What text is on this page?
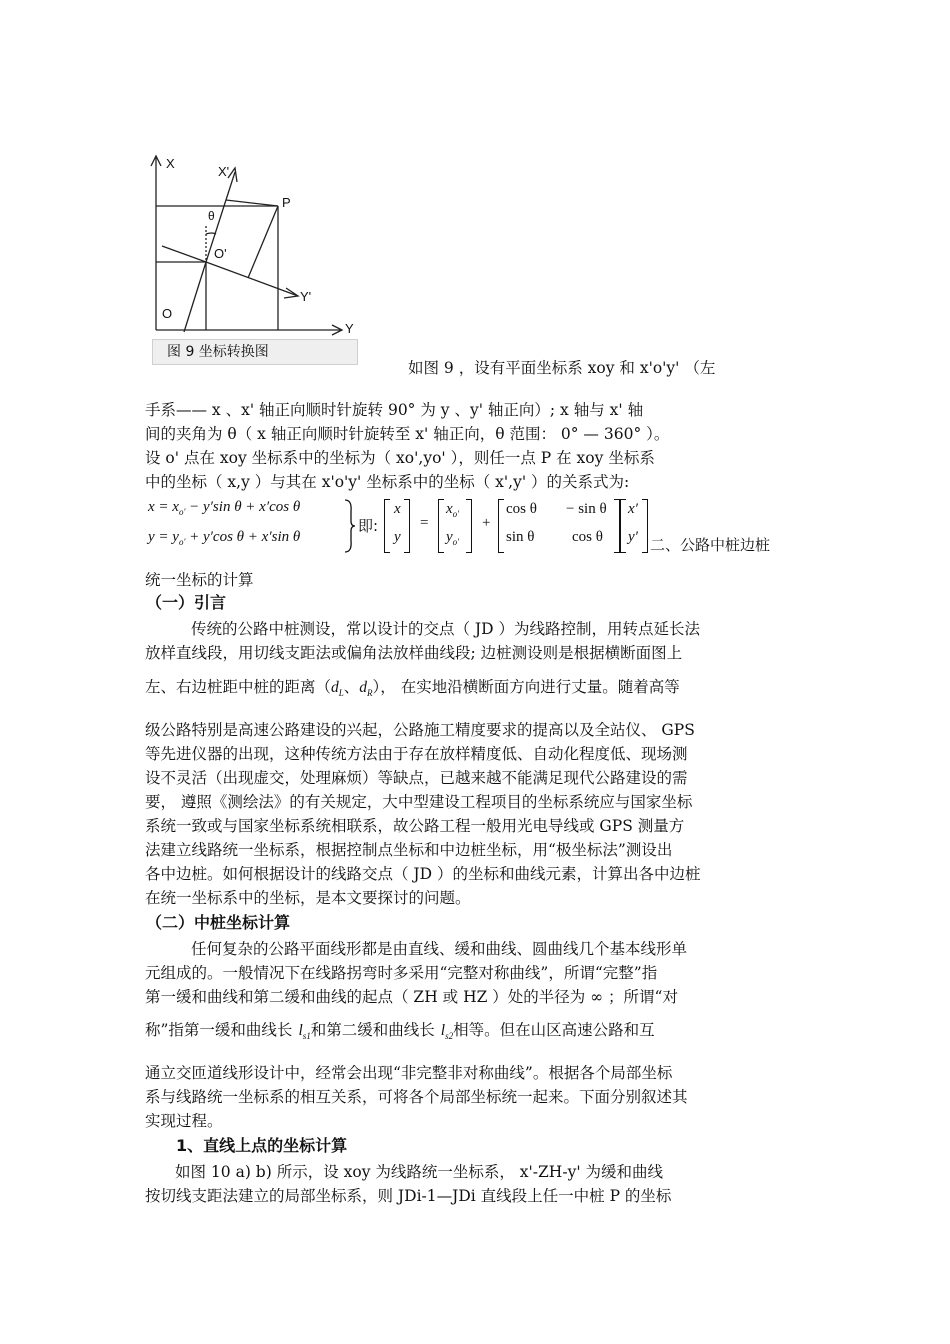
X
X'
P
θ
O'
Y'
O
Y
图 9 坐标转换图
如图 9 ，设有平面坐标系 xoy 和 x'o'y' （左
手系—— x 、x' 轴正向顺时针旋转 90° 为 y 、y' 轴正向）; x 轴与 x' 轴
间的夹角为 θ（ x 轴正向顺时针旋转至 x' 轴正向，θ 范围： 0° — 360° ）。
设 o' 点在 xoy 坐标系中的坐标为（ xo',yo' ），则任一点 P 在 xoy 坐标系
中的坐标（ x,y ）与其在 x'o'y' 坐标系中的坐标（ x',y' ）的关系式为:
$x = x_{o'} - y'\sin$ θ + x′cos θ
$y = y_{o'} + y'\cos$ θ + x′sin θ
即:
x
y
=
$x_{o'}$
$y_{o'}$
+
cos θ − sin θ
sin θ	cos θ
x′
y′ 二、公路中桩边桩
统一坐标的计算
（一）引言
传统的公路中桩测设，常以设计的交点（ JD ）为线路控制，用转点延长法
放样直线段，用切线支距法或偏角法放样曲线段; 边桩测设则是根据横断面图上
左、右边桩距中桩的距离（$d_L$、$d_R$）， 在实地沿横断面方向进行丈量。随着高等
级公路特别是高速公路建设的兴起，公路施工精度要求的提高以及全站仪、 GPS
等先进仪器的出现，这种传统方法由于存在放样精度低、自动化程度低、现场测
设不灵活（出现虚交，处理麻烦）等缺点，已越来越不能满足现代公路建设的需
要， 遵照《测绘法》的有关规定，大中型建设工程项目的坐标系统应与国家坐标
系统一致或与国家坐标系统相联系，故公路工程一般用光电导线或 GPS 测量方
法建立线路统一坐标系，根据控制点坐标和中边桩坐标，用“极坐标法”测设出
各中边桩。如何根据设计的线路交点（ JD ）的坐标和曲线元素，计算出各中边桩
在统一坐标系中的坐标，是本文要探讨的问题。
（二）中桩坐标计算
任何复杂的公路平面线形都是由直线、缓和曲线、圆曲线几个基本线形单
元组成的。一般情况下在线路拐弯时多采用“完整对称曲线”，所谓“完整”指
第一缓和曲线和第二缓和曲线的起点（ ZH 或 HZ ）处的半径为 ∞ ；所谓“对
称”指第一缓和曲线长 $l_{s1}$和第二缓和曲线长 $l_{s2}$相等。但在山区高速公路和互
通立交匝道线形设计中，经常会出现“非完整非对称曲线”。根据各个局部坐标
系与线路统一坐标系的相互关系，可将各个局部坐标统一起来。下面分别叙述其
实现过程。
1、直线上点的坐标计算
如图 10 a) b) 所示，设 xoy 为线路统一坐标系， x'-ZH-y' 为缓和曲线
按切线支距法建立的局部坐标系，则 JDi-1—JDi 直线段上任一中桩 P 的坐标
